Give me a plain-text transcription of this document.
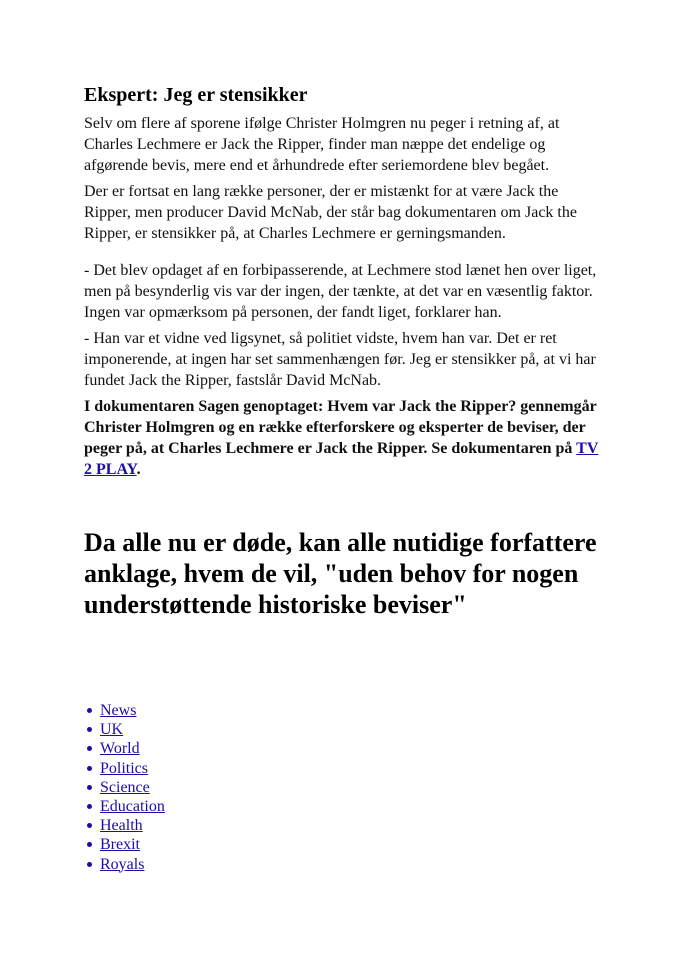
Ekspert: Jeg er stensikker

Selv om flere af sporene ifølge Christer Holmgren nu peger i retning af, at Charles Lechmere er Jack the Ripper, finder man næppe det endelige og afgørende bevis, mere end et århundrede efter seriemordene blev begået.

Der er fortsat en lang række personer, der er mistænkt for at være Jack the Ripper, men producer David McNab, der står bag dokumentaren om Jack the Ripper, er stensikker på, at Charles Lechmere er gerningsmanden.

- Det blev opdaget af en forbipasserende, at Lechmere stod lænet hen over liget, men på besynderlig vis var der ingen, der tænkte, at det var en væsentlig faktor. Ingen var opmærksom på personen, der fandt liget, forklarer han.

- Han var et vidne ved ligsynet, så politiet vidste, hvem han var. Det er ret imponerende, at ingen har set sammenhængen før. Jeg er stensikker på, at vi har fundet Jack the Ripper, fastslår David McNab.

I dokumentaren Sagen genoptaget: Hvem var Jack the Ripper? gennemgår Christer Holmgren og en række efterforskere og eksperter de beviser, der peger på, at Charles Lechmere er Jack the Ripper. Se dokumentaren på TV 2 PLAY.

Da alle nu er døde, kan alle nutidige forfattere anklage, hvem de vil, "uden behov for nogen understøttende historiske beviser"
News
UK
World
Politics
Science
Education
Health
Brexit
Royals
